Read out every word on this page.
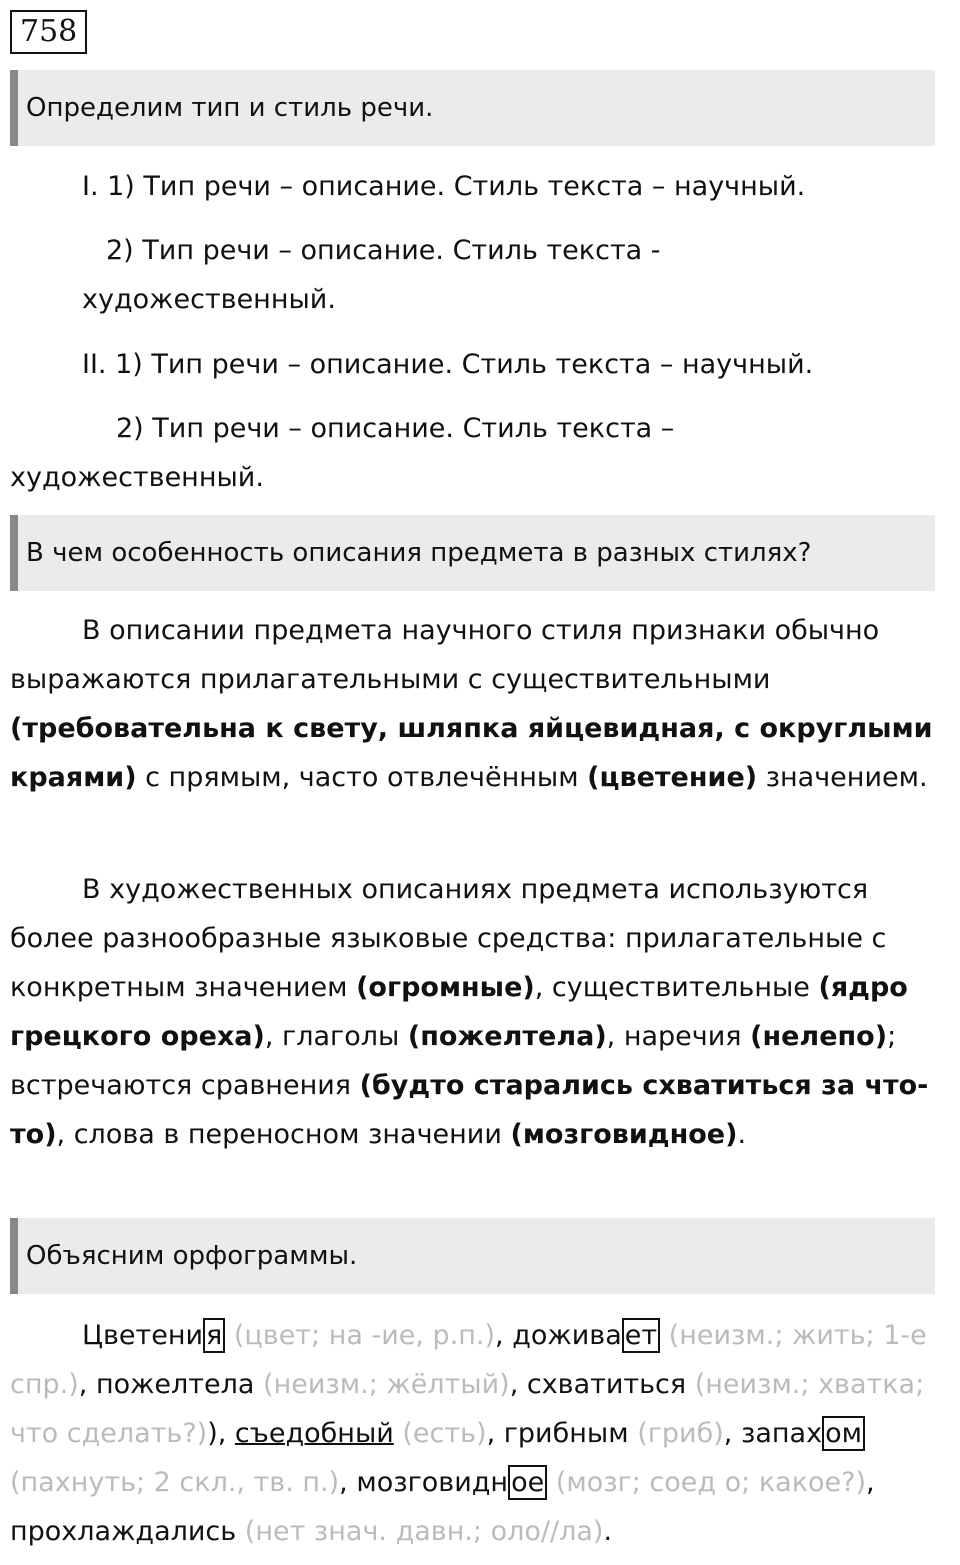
758
Определим тип и стиль речи.
I. 1) Тип речи – описание. Стиль текста – научный.
2) Тип речи – описание. Стиль текста -
художественный.
II. 1) Тип речи – описание. Стиль текста – научный.
2) Тип речи – описание. Стиль текста –
художественный.
В чем особенность описания предмета в разных стилях?

В описании предмета научного стиля признаки обычно выражаются прилагательными с существительными (требовательна к свету, шляпка яйцевидная, с округлыми краями) с прямым, часто отвлечённым (цветение) значением.

В художественных описаниях предмета используются более разнообразные языковые средства: прилагательные с конкретным значением (огромные), существительные (ядро грецкого ореха), глаголы (пожелтела), наречия (нелепо); встречаются сравнения (будто старались схватиться за что-то), слова в переносном значении (мозговидное).

Объясним орфограммы.

Цветени я (цвет; на -ие, р.п.), дожива ет (неизм.; жить; 1-е спр.), пожелтела (неизм.; жёлтый), схватиться (неизм.; хватка; что сделать?)), съедобный (есть), грибным (гриб), запах ом (пахнуть; 2 скл., тв. п.), мозговидн ое (мозг; соед о; какое?), прохлаждались (нет знач. давн.; оло//ла).
